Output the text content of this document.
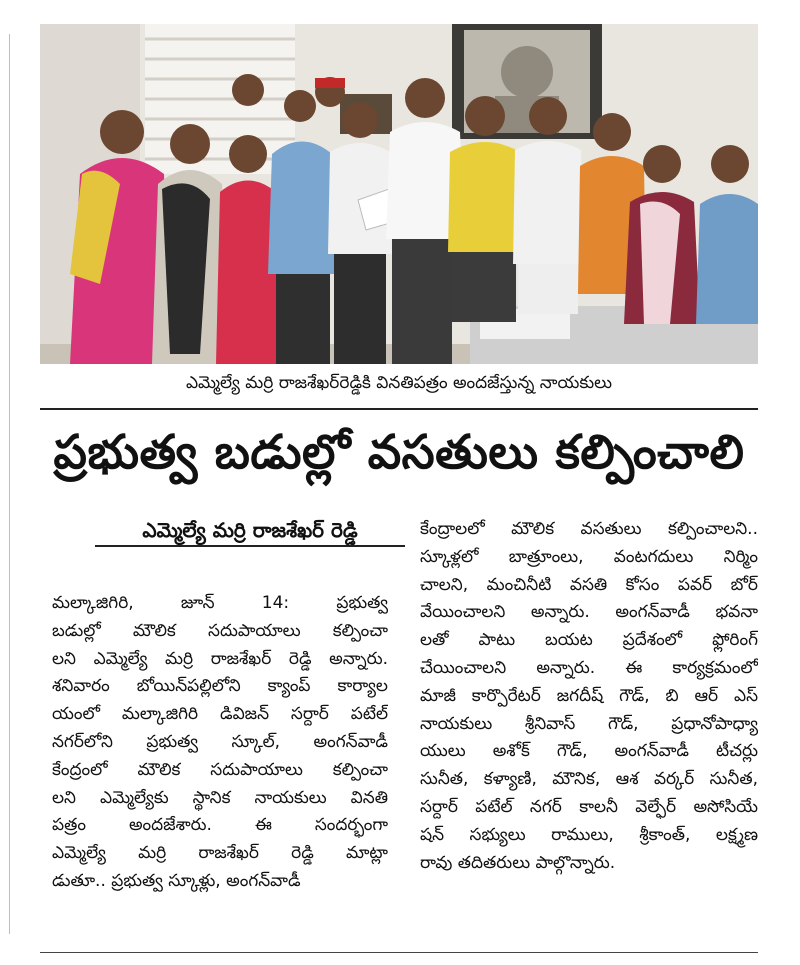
ఎమ్మెల్యే మర్రి రాజశేఖర్‌రెడ్డికి వినతిపత్రం అందజేస్తున్న నాయకులు
ప్రభుత్వ బడుల్లో వసతులు కల్పించాలి
ఎమ్మెల్యే మర్రి రాజశేఖర్ రెడ్డి

మల్కాజిగిరి, జూన్ 14: ప్రభుత్వ

బడుల్లో మౌలిక సదుపాయాలు కల్పించా

లని ఎమ్మెల్యే మర్రి రాజశేఖర్ రెడ్డి అన్నారు.

శనివారం బోయిన్‌పల్లిలోని క్యాంప్ కార్యాల

యంలో మల్కాజిగిరి డివిజన్ సర్దార్ పటేల్

నగర్‌లోని ప్రభుత్వ స్కూల్, అంగన్‌వాడీ

కేంద్రంలో మౌలిక సదుపాయాలు కల్పించా

లని ఎమ్మెల్యేకు స్థానిక నాయకులు వినతి

పత్రం అందజేశారు. ఈ సందర్భంగా

ఎమ్మెల్యే మర్రి రాజశేఖర్ రెడ్డి మాట్లా

డుతూ.. ప్రభుత్వ స్కూళ్లు, అంగన్‌వాడీ

కేంద్రాలలో మౌలిక వసతులు కల్పించాలని..

స్కూళ్లలో బాత్రూంలు, వంటగదులు నిర్మిం

చాలని, మంచినీటి వసతి కోసం పవర్ బోర్

వేయించాలని అన్నారు. అంగన్‌వాడీ భవనా

లతో పాటు బయట ప్రదేశంలో ఫ్లోరింగ్

చేయించాలని అన్నారు. ఈ కార్యక్రమంలో

మాజీ కార్పొరేటర్ జగదీష్ గౌడ్, బి ఆర్ ఎస్

నాయకులు శ్రీనివాస్ గౌడ్, ప్రధానోపాధ్యా

యులు అశోక్ గౌడ్, అంగన్‌వాడీ టీచర్లు

సునీత, కళ్యాణి, మౌనిక, ఆశ వర్కర్ సునీత,

సర్దార్ పటేల్ నగర్ కాలనీ వెల్ఫేర్ అసోసియే

షన్ సభ్యులు రాములు, శ్రీకాంత్, లక్ష్మణ

రావు తదితరులు పాల్గొన్నారు.
